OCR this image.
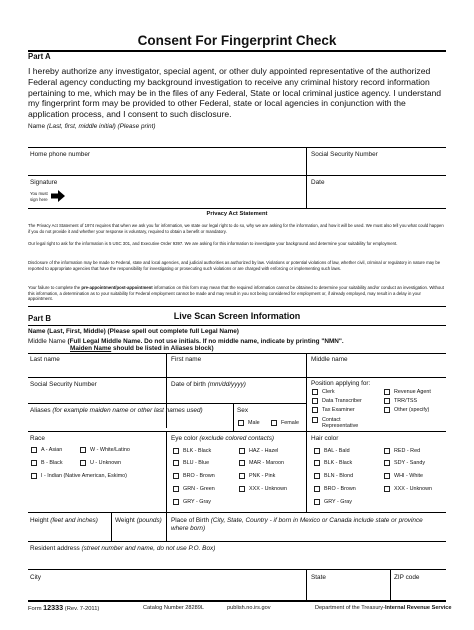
Consent For Fingerprint Check
Part A
I hereby authorize any investigator, special agent, or other duly appointed representative of the authorized Federal agency conducting my background investigation to receive any criminal history record information pertaining to me, which may be in the files of any Federal, State or local criminal justice agency. I understand my fingerprint form may be provided to other Federal, state or local agencies in conjunction with the application process, and I consent to such disclosure.
Name (Last, first, middle initial) (Please print)
Home phone number	Social Security Number
Signature
You must
sign here
Date
Privacy Act Statement
The Privacy Act Statement of 1974 requires that when we ask you for information, we state our legal right to do so, why we are asking for the information, and how it will be used. We must also tell you what could happen if you do not provide it and whether your response is voluntary, required to obtain a benefit or mandatory.
Our legal right to ask for the information is 5 USC 301, and Executive Order 9397. We are asking for this information to investigate your background and determine your suitability for employment.
Disclosure of the information may be made to Federal, state and local agencies, and judicial authorities as authorized by law. Violations or potential violations of law, whether civil, criminal or regulatory in nature may be reported to appropriate agencies that have the responsibility for investigating or prosecuting such violations or are charged with enforcing or implementing such laws.
Your failure to complete the pre-appointment/post-appointment information on this form may mean that the required information cannot be obtained to determine your suitability and/or conduct an investigation. Without this information, a determination as to your suitability for Federal employment cannot be made and may result in you not being considered for employment or, if already employed, may result in a delay in your appointment.
Part B	Live Scan Screen Information
Name (Last, First, Middle) (Please spell out complete full Legal Name)
Middle Name (Full Legal Middle Name. Do not use initials. If no middle name, indicate by printing "NMN".
Maiden Name should be listed in Aliases block)
Last name	First name	Middle name
Social Security Number	Date of birth (mm/dd/yyyy)	Position applying for:
Clerk
Data Transcriber
Tax Examiner
Contact Representative
Revenue Agent
TRR/TSS
Other (specify)
Aliases (for example maiden name or other last names used)	Sex
Male	Female
Race
A - Asian	W - White/Latino
B - Black	U - Unknown
I - Indian (Native American, Eskimo)
Eye color (exclude colored contacts)
BLK - Black
BLU - Blue
BRO - Brown
GRN - Green
GRY - Gray
HAZ - Hazel
MAR - Maroon
PNK - Pink
XXX - Unknown
Hair color
BAL - Bald
BLK - Black
BLN - Blond
BRO - Brown
GRY - Gray
RED - Red
SDY - Sandy
WHI - White
XXX - Unknown
Height (feet and inches)	Weight (pounds) Place of Birth (City, State, Country - if born in Mexico or Canada include state or province where born)
Resident address (street number and name, do not use P.O. Box)
City	State	ZIP code
Form 12333 (Rev. 7-2011)	Catalog Number 28289L	publish.no.irs.gov	Department of the Treasury-Internal Revenue Service
